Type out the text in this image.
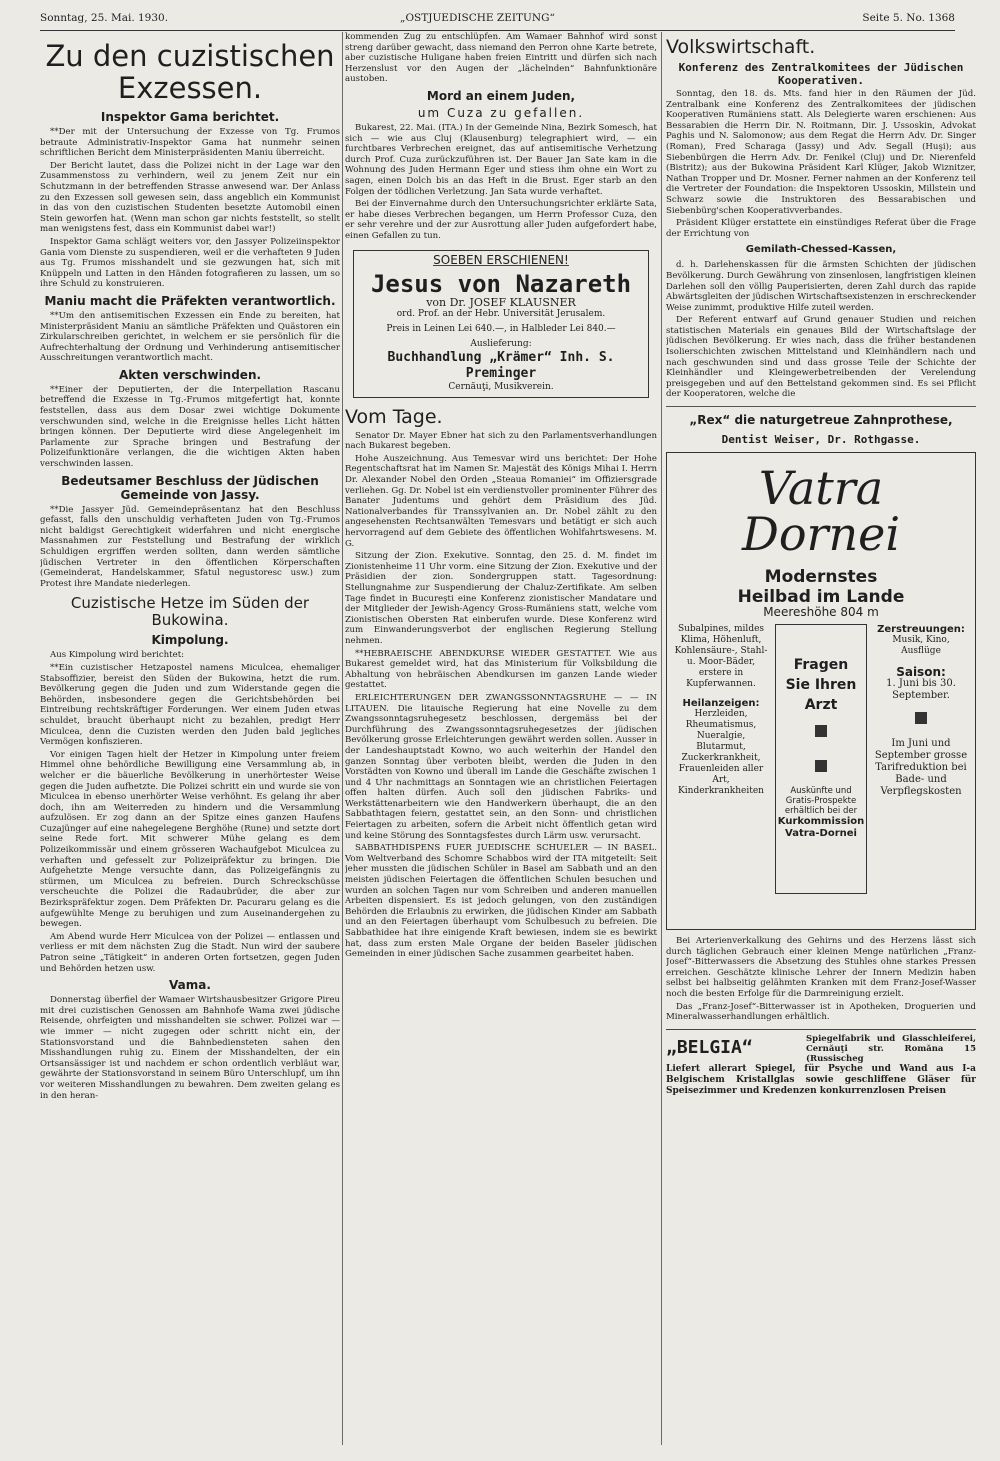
Sonntag, 25. Mai. 1930.	„OSTJUEDISCHE ZEITUNG“	Seite 5. No. 1368
Zu den cuzistischen Exzessen.
Inspektor Gama berichtet.

**Der mit der Untersuchung der Exzesse von Tg. Frumos betraute Administrativ-Inspektor Gama hat nunmehr seinen schriftlichen Bericht dem Ministerpräsidenten Maniu überreicht.

Der Bericht lautet, dass die Polizei nicht in der Lage war den Zusammenstoss zu verhindern, weil zu jenem Zeit nur ein Schutzmann in der betreffenden Strasse anwesend war. Der Anlass zu den Exzessen soll gewesen sein, dass angeblich ein Kommunist in das von den cuzistischen Studenten besetzte Automobil einen Stein geworfen hat. (Wenn man schon gar nichts feststellt, so stellt man wenigstens fest, dass ein Kommunist dabei war!)

Inspektor Gama schlägt weiters vor, den Jassyer Polizeiinspektor Gania vom Dienste zu suspendieren, weil er die verhafteten 9 Juden aus Tg. Frumos misshandelt und sie gezwungen hat, sich mit Knüppeln und Latten in den Händen fotografieren zu lassen, um so ihre Schuld zu konstruieren.

Maniu macht die Präfekten verantwortlich.

**Um den antisemitischen Exzessen ein Ende zu bereiten, hat Ministerpräsident Maniu an sämtliche Präfekten und Quästoren ein Zirkularschreiben gerichtet, in welchem er sie persönlich für die Aufrechterhaltung der Ordnung und Verhinderung antisemitischer Ausschreitungen verantwortlich macht.

Akten verschwinden.

**Einer der Deputierten, der die Interpellation Rascanu betreffend die Exzesse in Tg.-Frumos mitgefertigt hat, konnte feststellen, dass aus dem Dosar zwei wichtige Dokumente verschwunden sind, welche in die Ereignisse helles Licht hätten bringen können. Der Deputierte wird diese Angelegenheit im Parlamente zur Sprache bringen und Bestrafung der Polizeifunktionäre verlangen, die die wichtigen Akten haben verschwinden lassen.

Bedeutsamer Beschluss der Jüdischen Gemeinde von Jassy.

**Die Jassyer Jüd. Gemeindepräsentanz hat den Beschluss gefasst, falls den unschuldig verhafteten Juden von Tg.-Frumos nicht baldigst Gerechtigkeit widerfahren und nicht energische Massnahmen zur Feststellung und Bestrafung der wirklich Schuldigen ergriffen werden sollten, dann werden sämtliche jüdischen Vertreter in den öffentlichen Körperschaften (Gemeinderat, Handelskammer, Sfatul negustoresc usw.) zum Protest ihre Mandate niederlegen.

Cuzistische Hetze im Süden der Bukowina.
Kimpolung.

Aus Kimpolung wird berichtet:

**Ein cuzistischer Hetzapostel namens Miculcea, ehemaliger Stabsoffizier, bereist den Süden der Bukowina, hetzt die rum. Bevölkerung gegen die Juden und zum Widerstande gegen die Behörden, insbesondere gegen die Gerichtsbehörden bei Eintreibung rechtskräftiger Forderungen. Wer einem Juden etwas schuldet, braucht überhaupt nicht zu bezahlen, predigt Herr Miculcea, denn die Cuzisten werden den Juden bald jegliches Vermögen konfiszieren.

Vor einigen Tagen hielt der Hetzer in Kimpolung unter freiem Himmel ohne behördliche Bewilligung eine Versammlung ab, in welcher er die bäuerliche Bevölkerung in unerhörtester Weise gegen die Juden aufhetzte. Die Polizei schritt ein und wurde sie von Miculcea in ebenso unerhörter Weise verhöhnt. Es gelang ihr aber doch, ihn am Weiterreden zu hindern und die Versammlung aufzulösen. Er zog dann an der Spitze eines ganzen Haufens Cuzajünger auf eine nahegelegene Berghöhe (Rune) und setzte dort seine Rede fort. Mit schwerer Mühe gelang es dem Polizeikommissär und einem grösseren Wachaufgebot Miculcea zu verhaften und gefesselt zur Polizeipräfektur zu bringen. Die Aufgehetzte Menge versuchte dann, das Polizeigefängnis zu stürmen, um Miculcea zu befreien. Durch Schreckschüsse verscheuchte die Polizei die Radaubrüder, die aber zur Bezirkspräfektur zogen. Dem Präfekten Dr. Pacuraru gelang es die aufgewühlte Menge zu beruhigen und zum Auseinandergehen zu bewegen.

Am Abend wurde Herr Miculcea von der Polizei — entlassen und verliess er mit dem nächsten Zug die Stadt. Nun wird der saubere Patron seine „Tätigkeit“ in anderen Orten fortsetzen, gegen Juden und Behörden hetzen usw.

Vama.

Donnerstag überfiel der Wamaer Wirtshausbesitzer Grigore Pireu mit drei cuzistischen Genossen am Bahnhofe Wama zwei jüdische Reisende, ohrfeigten und misshandelten sie schwer. Polizei war — wie immer — nicht zugegen oder schritt nicht ein, der Stationsvorstand und die Bahnbediensteten sahen den Misshandlungen ruhig zu. Einem der Misshandelten, der ein Ortsansässiger ist und nachdem er schon ordentlich verbläut war, gewährte der Stationsvorstand in seinem Büro Unterschlupf, um ihn vor weiteren Misshandlungen zu bewahren. Dem zweiten gelang es in den heran-

kommenden Zug zu entschlüpfen. Am Wamaer Bahnhof wird sonst streng darüber gewacht, dass niemand den Perron ohne Karte betrete, aber cuzistische Huligane haben freien Eintritt und dürfen sich nach Herzenslust vor den Augen der „lächelnden“ Bahnfunktionäre austoben.

Mord an einem Juden,
um Cuza zu gefallen.

Bukarest, 22. Mai. (ITA.) In der Gemeinde Nina, Bezirk Somesch, hat sich — wie aus Cluj (Klausenburg) telegraphiert wird, — ein furchtbares Verbrechen ereignet, das auf antisemitische Verhetzung durch Prof. Cuza zurückzuführen ist. Der Bauer Jan Sate kam in die Wohnung des Juden Hermann Eger und stiess ihm ohne ein Wort zu sagen, einen Dolch bis an das Heft in die Brust. Eger starb an den Folgen der tödlichen Verletzung. Jan Sata wurde verhaftet.

Bei der Einvernahme durch den Untersuchungsrichter erklärte Sata, er habe dieses Verbrechen begangen, um Herrn Professor Cuza, den er sehr verehre und der zur Ausrottung aller Juden aufgefordert habe, einen Gefallen zu tun.

SOEBEN ERSCHIENEN!
Jesus von Nazareth
von Dr. JOSEF KLAUSNER
ord. Prof. an der Hebr. Universität Jerusalem.
Preis in Leinen Lei 640.—, in Halbleder Lei 840.—
Auslieferung:
Buchhandlung „Krämer“ Inh. S. Preminger
Cernăuţi, Musikverein.
Vom Tage.

Senator Dr. Mayer Ebner hat sich zu den Parlamentsverhandlungen nach Bukarest begeben.

Hohe Auszeichnung. Aus Temesvar wird uns berichtet: Der Hohe Regentschaftsrat hat im Namen Sr. Majestät des Königs Mihai I. Herrn Dr. Alexander Nobel den Orden „Steaua Romaniei“ im Offiziersgrade verliehen. Gg. Dr. Nobel ist ein verdienstvoller prominenter Führer des Banater Judentums und gehört dem Präsidium des Jüd. Nationalverbandes für Transsylvanien an. Dr. Nobel zählt zu den angesehensten Rechtsanwälten Temesvars und betätigt er sich auch hervorragend auf dem Gebiete des öffentlichen Wohlfahrtswesens. M. G.

Sitzung der Zion. Exekutive. Sonntag, den 25. d. M. findet im Zionistenheime 11 Uhr vorm. eine Sitzung der Zion. Exekutive und der Präsidien der zion. Sondergruppen statt. Tagesordnung: Stellungnahme zur Suspendierung der Chaluz-Zertifikate. Am selben Tage findet in Bucureşti eine Konferenz zionistischer Mandatare und der Mitglieder der Jewish-Agency Gross-Rumäniens statt, welche vom Zionistischen Obersten Rat einberufen wurde. Diese Konferenz wird zum Einwanderungsverbot der englischen Regierung Stellung nehmen.

**HEBRAEISCHE ABENDKURSE WIEDER GESTATTET. Wie aus Bukarest gemeldet wird, hat das Ministerium für Volksbildung die Abhaltung von hebräischen Abendkursen im ganzen Lande wieder gestattet.

ERLEICHTERUNGEN DER ZWANGSSONNTAGSRUHE — — IN LITAUEN. Die litauische Regierung hat eine Novelle zu dem Zwangssonntagsruhegesetz beschlossen, dergemäss bei der Durchführung des Zwangssonntagsruhegesetzes der jüdischen Bevölkerung grosse Erleichterungen gewährt werden sollen. Ausser in der Landeshauptstadt Kowno, wo auch weiterhin der Handel den ganzen Sonntag über verboten bleibt, werden die Juden in den Vorstädten von Kowno und überall im Lande die Geschäfte zwischen 1 und 4 Uhr nachmittags an Sonntagen wie an christlichen Feiertagen offen halten dürfen. Auch soll den jüdischen Fabriks- und Werkstättenarbeitern wie den Handwerkern überhaupt, die an den Sabbathtagen feiern, gestattet sein, an den Sonn- und christlichen Feiertagen zu arbeiten, sofern die Arbeit nicht öffentlich getan wird und keine Störung des Sonntagsfestes durch Lärm usw. verursacht.

SABBATHDISPENS FUER JUEDISCHE SCHUELER — IN BASEL. Vom Weltverband des Schomre Schabbos wird der ITA mitgeteilt: Seit jeher mussten die jüdischen Schüler in Basel am Sabbath und an den meisten jüdischen Feiertagen die öffentlichen Schulen besuchen und wurden an solchen Tagen nur vom Schreiben und anderen manuellen Arbeiten dispensiert. Es ist jedoch gelungen, von den zuständigen Behörden die Erlaubnis zu erwirken, die jüdischen Kinder am Sabbath und an den Feiertagen überhaupt vom Schulbesuch zu befreien. Die Sabbathidee hat ihre einigende Kraft bewiesen, indem sie es bewirkt hat, dass zum ersten Male Organe der beiden Baseler jüdischen Gemeinden in einer jüdischen Sache zusammen gearbeitet haben.

Volkswirtschaft.
Konferenz des Zentralkomitees der Jüdischen Kooperativen.

Sonntag, den 18. ds. Mts. fand hier in den Räumen der Jüd. Zentralbank eine Konferenz des Zentralkomitees der jüdischen Kooperativen Rumäniens statt. Als Delegierte waren erschienen: Aus Bessarabien die Herrn Dir. N. Roitmann, Dir. J. Ussoskin, Advokat Paghis und N. Salomonow; aus dem Regat die Herrn Adv. Dr. Singer (Roman), Fred Scharaga (Jassy) und Adv. Segall (Huşi); aus Siebenbürgen die Herrn Adv. Dr. Fenikel (Cluj) und Dr. Nierenfeld (Bistritz); aus der Bukowina Präsident Karl Klüger, Jakob Wiznitzer, Nathan Tropper und Dr. Mosner. Ferner nahmen an der Konferenz teil die Vertreter der Foundation: die Inspektoren Ussoskin, Millstein und Schwarz sowie die Instruktoren des Bessarabischen und Siebenbürg'schen Kooperativverbandes.

Präsident Klüger erstattete ein einstündiges Referat über die Frage der Errichtung von

Gemilath-Chessed-Kassen,

d. h. Darlehenskassen für die ärmsten Schichten der jüdischen Bevölkerung. Durch Gewährung von zinsenlosen, langfristigen kleinen Darlehen soll den völlig Pauperisierten, deren Zahl durch das rapide Abwärtsgleiten der jüdischen Wirtschaftsexistenzen in erschreckender Weise zunimmt, produktive Hilfe zuteil werden.

Der Referent entwarf auf Grund genauer Studien und reichen statistischen Materials ein genaues Bild der Wirtschaftslage der jüdischen Bevölkerung. Er wies nach, dass die früher bestandenen Isolierschichten zwischen Mittelstand und Kleinhändlern nach und nach geschwunden sind und dass grosse Teile der Schichte der Kleinhändler und Kleingewerbetreibenden der Verelendung preisgegeben und auf den Bettelstand gekommen sind. Es sei Pflicht der Kooperatoren, welche die

„Rex“ die naturgetreue Zahnprothese,
Dentist Weiser, Dr. Rothgasse.
Vatra
Dornei
Modernstes
Heilbad im Lande
Meereshöhe 804 m
Subalpines, mildes Klima, Höhenluft, Kohlensäure-, Stahl- u. Moor-Bäder, erstere in Kupferwannen.
Heilanzeigen:
Herzleiden, Rheumatismus, Nueralgie, Blutarmut, Zuckerkrankheit, Frauenleiden aller Art, Kinderkrankheiten
Fragen Sie Ihren Arzt
Auskünfte und Gratis-Prospekte erhältlich bei der
Kurkommission Vatra-Dornei
Zerstreuungen:
Musik, Kino, Ausflüge
Saison:
1. Juni bis 30. September.
Im Juni und September grosse Tarifreduktion bei Bade- und Verpflegskosten

Bei Arterienverkalkung des Gehirns und des Herzens lässt sich durch täglichen Gebrauch einer kleinen Menge natürlichen „Franz-Josef“-Bitterwassers die Absetzung des Stuhles ohne starkes Pressen erreichen. Geschätzte klinische Lehrer der Innern Medizin haben selbst bei halbseitig gelähmten Kranken mit dem Franz-Josef-Wasser noch die besten Erfolge für die Darmreinigung erzielt.

Das „Franz-Josef“-Bitterwasser ist in Apotheken, Droguerien und Mineralwasserhandlungen erhältlich.

„BELGIA“	Spiegelfabrik und Glasschleiferei, Cernăuţi str. Romăna 15 (Russischeg
Liefert allerart Spiegel, für Psyche und Wand aus I-a Belgischem Kristallglas sowie geschliffene Gläser für Speisezimmer und Kredenzen konkurrenzlosen Preisen
